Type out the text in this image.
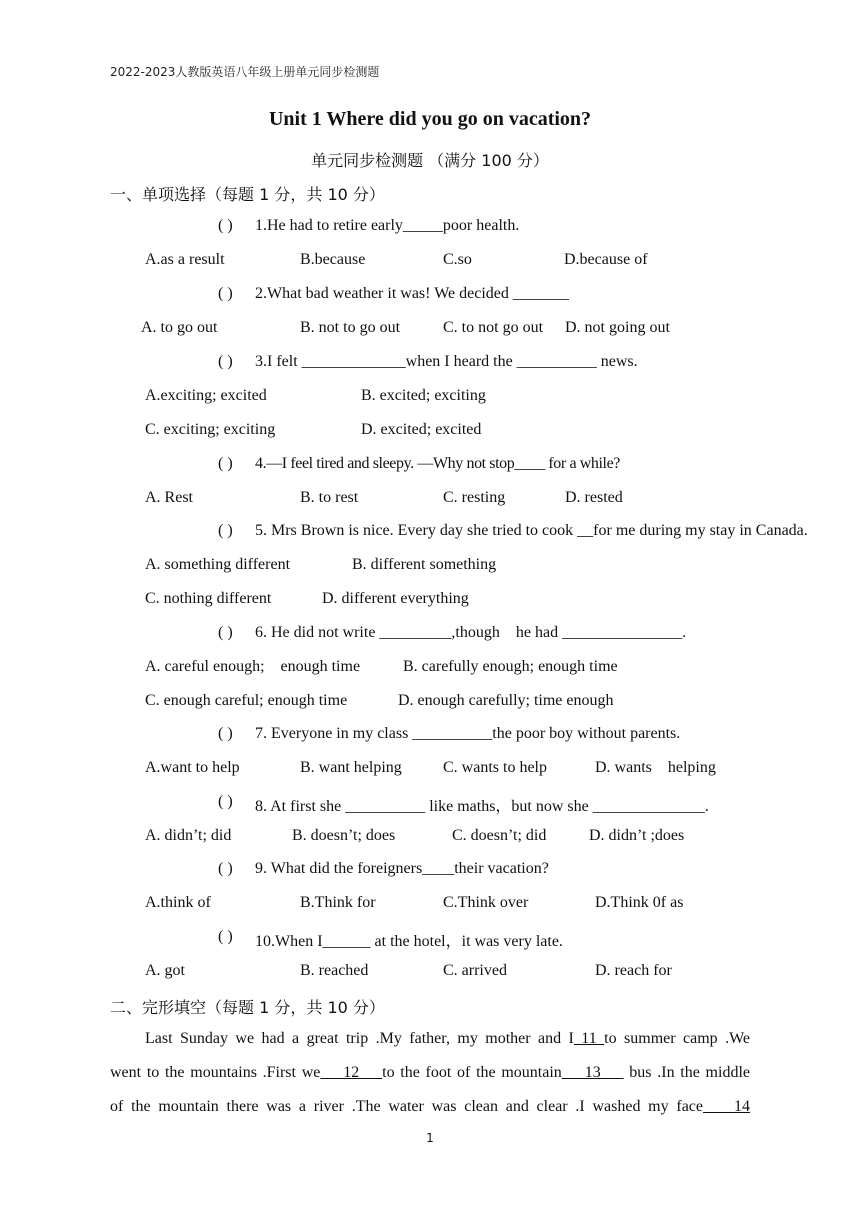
2022-2023人教版英语八年级上册单元同步检测题
Unit 1 Where did you go on vacation?
单元同步检测题 （满分 100 分）
一、单项选择（每题 1 分，共 10 分）
( )	1.He had to retire early_____poor health.
A.as a result	B.because	C.so	D.because of
( )	2.What bad weather it was! We decided _______
A. to go out	B. not to go out	C. to not go out D. not going out
( )	3.I felt _____________when I heard the __________ news.
A.exciting; excited	B. excited; exciting
C. exciting; exciting	D. excited; excited
( )	4.—I feel tired and sleepy. —Why not stop____ for a while?
A. Rest	B. to rest	C. resting	D. rested
( )	5. Mrs Brown is nice. Every day she tried to cook __for me during my stay in Canada.
A. something different	B. different something
C. nothing different	D. different everything
( )	6. He did not write _________,though    he had _______________.
A. careful enough;    enough time	B. carefully enough; enough time
C. enough careful; enough time	D. enough carefully; time enough
( )	7. Everyone in my class __________the poor boy without parents.
A.want to help	B. want helping	C. wants to help	D. wants    helping
( )	8. At first she __________ like maths，but now she ______________.
A. didn’t; did	B. doesn’t; does	C. doesn’t; did	D. didn’t ;does
( )	9. What did the foreigners____their vacation?
A.think of	B.Think for	C.Think over	D.Think 0f as
( )	10.When I______ at the hotel，it was very late.
A. got	B. reached	C. arrived	D. reach for
二、完形填空（每题 1 分，共 10 分）
Last Sunday we had a great trip .My father, my mother and I 11 to summer camp .We
went to the mountains .First we    12    to the foot of the mountain    13     bus .In the middle
of the mountain there was a river .The water was clean and clear .I washed my face    14
1
